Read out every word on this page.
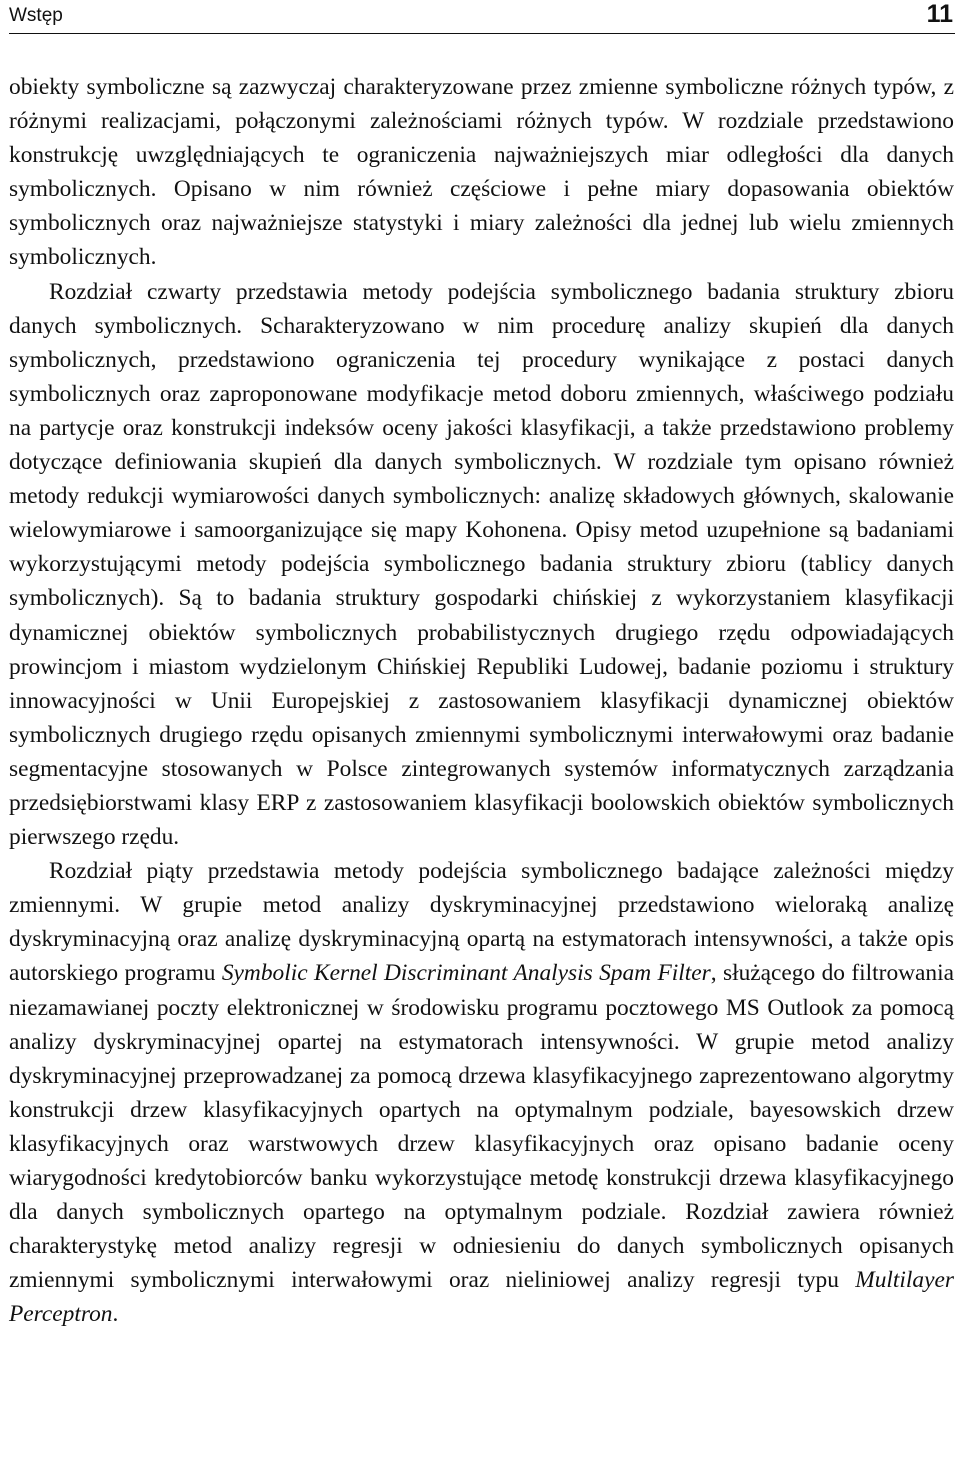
Wstęp	11

obiekty symboliczne są zazwyczaj charakteryzowane przez zmienne symboliczne różnych typów, z różnymi realizacjami, połączonymi zależnościami różnych typów. W rozdziale przedstawiono konstrukcję uwzględniających te ograniczenia najważniejszych miar odległości dla danych symbolicznych. Opisano w nim również częściowe i pełne miary dopasowania obiektów symbolicznych oraz najważniejsze statystyki i miary zależności dla jednej lub wielu zmiennych symbolicznych.

Rozdział czwarty przedstawia metody podejścia symbolicznego badania struktury zbioru danych symbolicznych. Scharakteryzowano w nim procedurę analizy skupień dla danych symbolicznych, przedstawiono ograniczenia tej procedury wynikające z postaci danych symbolicznych oraz zaproponowane modyfikacje metod doboru zmiennych, właściwego podziału na partycje oraz konstrukcji indeksów oceny jakości klasyfikacji, a także przedstawiono problemy dotyczące definiowania skupień dla danych symbolicznych. W rozdziale tym opisano również metody redukcji wymiarowości danych symbolicznych: analizę składowych głównych, skalowanie wielowymiarowe i samoorganizujące się mapy Kohonena. Opisy metod uzupełnione są badaniami wykorzystującymi metody podejścia symbolicznego badania struktury zbioru (tablicy danych symbolicznych). Są to badania struktury gospodarki chińskiej z wykorzystaniem klasyfikacji dynamicznej obiektów symbolicznych probabilistycznych drugiego rzędu odpowiadających prowincjom i miastom wydzielonym Chińskiej Republiki Ludowej, badanie poziomu i struktury innowacyjności w Unii Europejskiej z zastosowaniem klasyfikacji dynamicznej obiektów symbolicznych drugiego rzędu opisanych zmiennymi symbolicznymi interwałowymi oraz badanie segmentacyjne stosowanych w Polsce zintegrowanych systemów informatycznych zarządzania przedsiębiorstwami klasy ERP z zastosowaniem klasyfikacji boolowskich obiektów symbolicznych pierwszego rzędu.

Rozdział piąty przedstawia metody podejścia symbolicznego badające zależności między zmiennymi. W grupie metod analizy dyskryminacyjnej przedstawiono wieloraką analizę dyskryminacyjną oraz analizę dyskryminacyjną opartą na estymatorach intensywności, a także opis autorskiego programu Symbolic Kernel Discriminant Analysis Spam Filter, służącego do filtrowania niezamawianej poczty elektronicznej w środowisku programu pocztowego MS Outlook za pomocą analizy dyskryminacyjnej opartej na estymatorach intensywności. W grupie metod analizy dyskryminacyjnej przeprowadzanej za pomocą drzewa klasyfikacyjnego zaprezentowano algorytmy konstrukcji drzew klasyfikacyjnych opartych na optymalnym podziale, bayesowskich drzew klasyfikacyjnych oraz warstwowych drzew klasyfikacyjnych oraz opisano badanie oceny wiarygodności kredytobiorców banku wykorzystujące metodę konstrukcji drzewa klasyfikacyjnego dla danych symbolicznych opartego na optymalnym podziale. Rozdział zawiera również charakterystykę metod analizy regresji w odniesieniu do danych symbolicznych opisanych zmiennymi symbolicznymi interwałowymi oraz nieliniowej analizy regresji typu Multilayer Perceptron.
